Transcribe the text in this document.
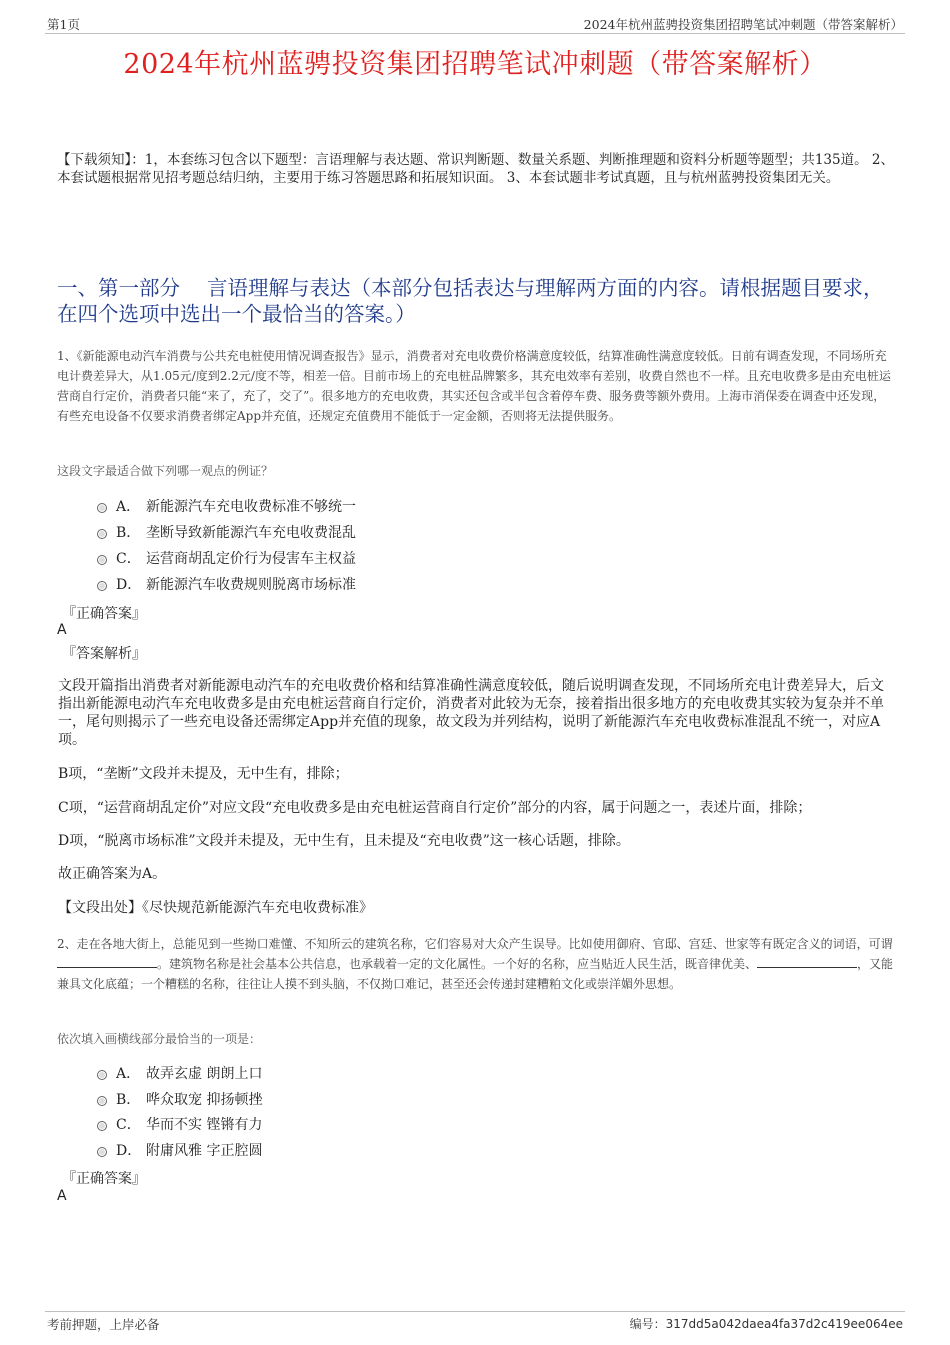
第1页	2024年杭州蓝骋投资集团招聘笔试冲刺题（带答案解析）
2024年杭州蓝骋投资集团招聘笔试冲刺题（带答案解析）
【下载须知】：1，本套练习包含以下题型：言语理解与表达题、常识判断题、数量关系题、判断推理题和资料分析题等题型；共135道。 2、本套试题根据常见招考题总结归纳，主要用于练习答题思路和拓展知识面。 3、本套试题非考试真题，且与杭州蓝骋投资集团无关。
一、第一部分　 言语理解与表达（本部分包括表达与理解两方面的内容。请根据题目要求，在四个选项中选出一个最恰当的答案。）
1、《新能源电动汽车消费与公共充电桩使用情况调查报告》显示，消费者对充电收费价格满意度较低，结算准确性满意度较低。日前有调查发现，不同场所充电计费差异大，从1.05元/度到2.2元/度不等，相差一倍。目前市场上的充电桩品牌繁多，其充电效率有差别，收费自然也不一样。且充电收费多是由充电桩运营商自行定价，消费者只能“来了，充了，交了”。很多地方的充电收费，其实还包含或半包含着停车费、服务费等额外费用。上海市消保委在调查中还发现，有些充电设备不仅要求消费者绑定App并充值，还规定充值费用不能低于一定金额，否则将无法提供服务。
这段文字最适合做下列哪一观点的例证？
A． 新能源汽车充电收费标准不够统一
B． 垄断导致新能源汽车充电收费混乱
C． 运营商胡乱定价行为侵害车主权益
D． 新能源汽车收费规则脱离市场标准
『正确答案』
A
『答案解析』
文段开篇指出消费者对新能源电动汽车的充电收费价格和结算准确性满意度较低，随后说明调查发现，不同场所充电计费差异大，后文指出新能源电动汽车充电收费多是由充电桩运营商自行定价，消费者对此较为无奈，接着指出很多地方的充电收费其实较为复杂并不单一，尾句则揭示了一些充电设备还需绑定App并充值的现象，故文段为并列结构，说明了新能源汽车充电收费标准混乱不统一，对应A项。
B项，“垄断”文段并未提及，无中生有，排除；
C项，“运营商胡乱定价”对应文段“充电收费多是由充电桩运营商自行定价”部分的内容，属于问题之一，表述片面，排除；
D项，“脱离市场标准”文段并未提及，无中生有，且未提及“充电收费”这一核心话题，排除。
故正确答案为A。
【文段出处】《尽快规范新能源汽车充电收费标准》
2、走在各地大街上，总能见到一些拗口难懂、不知所云的建筑名称，它们容易对大众产生误导。比如使用御府、官邸、宫廷、世家等有既定含义的词语，可谓。建筑物名称是社会基本公共信息，也承载着一定的文化属性。一个好的名称，应当贴近人民生活，既音律优美、	，又能兼具文化底蕴；一个糟糕的名称，往往让人摸不到头脑，不仅拗口难记，甚至还会传递封建糟粕文化或崇洋媚外思想。
依次填入画横线部分最恰当的一项是：
A． 故弄玄虚 朗朗上口
B． 哗众取宠 抑扬顿挫
C． 华而不实 铿锵有力
D． 附庸风雅 字正腔圆
『正确答案』
A
考前押题，上岸必备	编号：317dd5a042daea4fa37d2c419ee064ee
